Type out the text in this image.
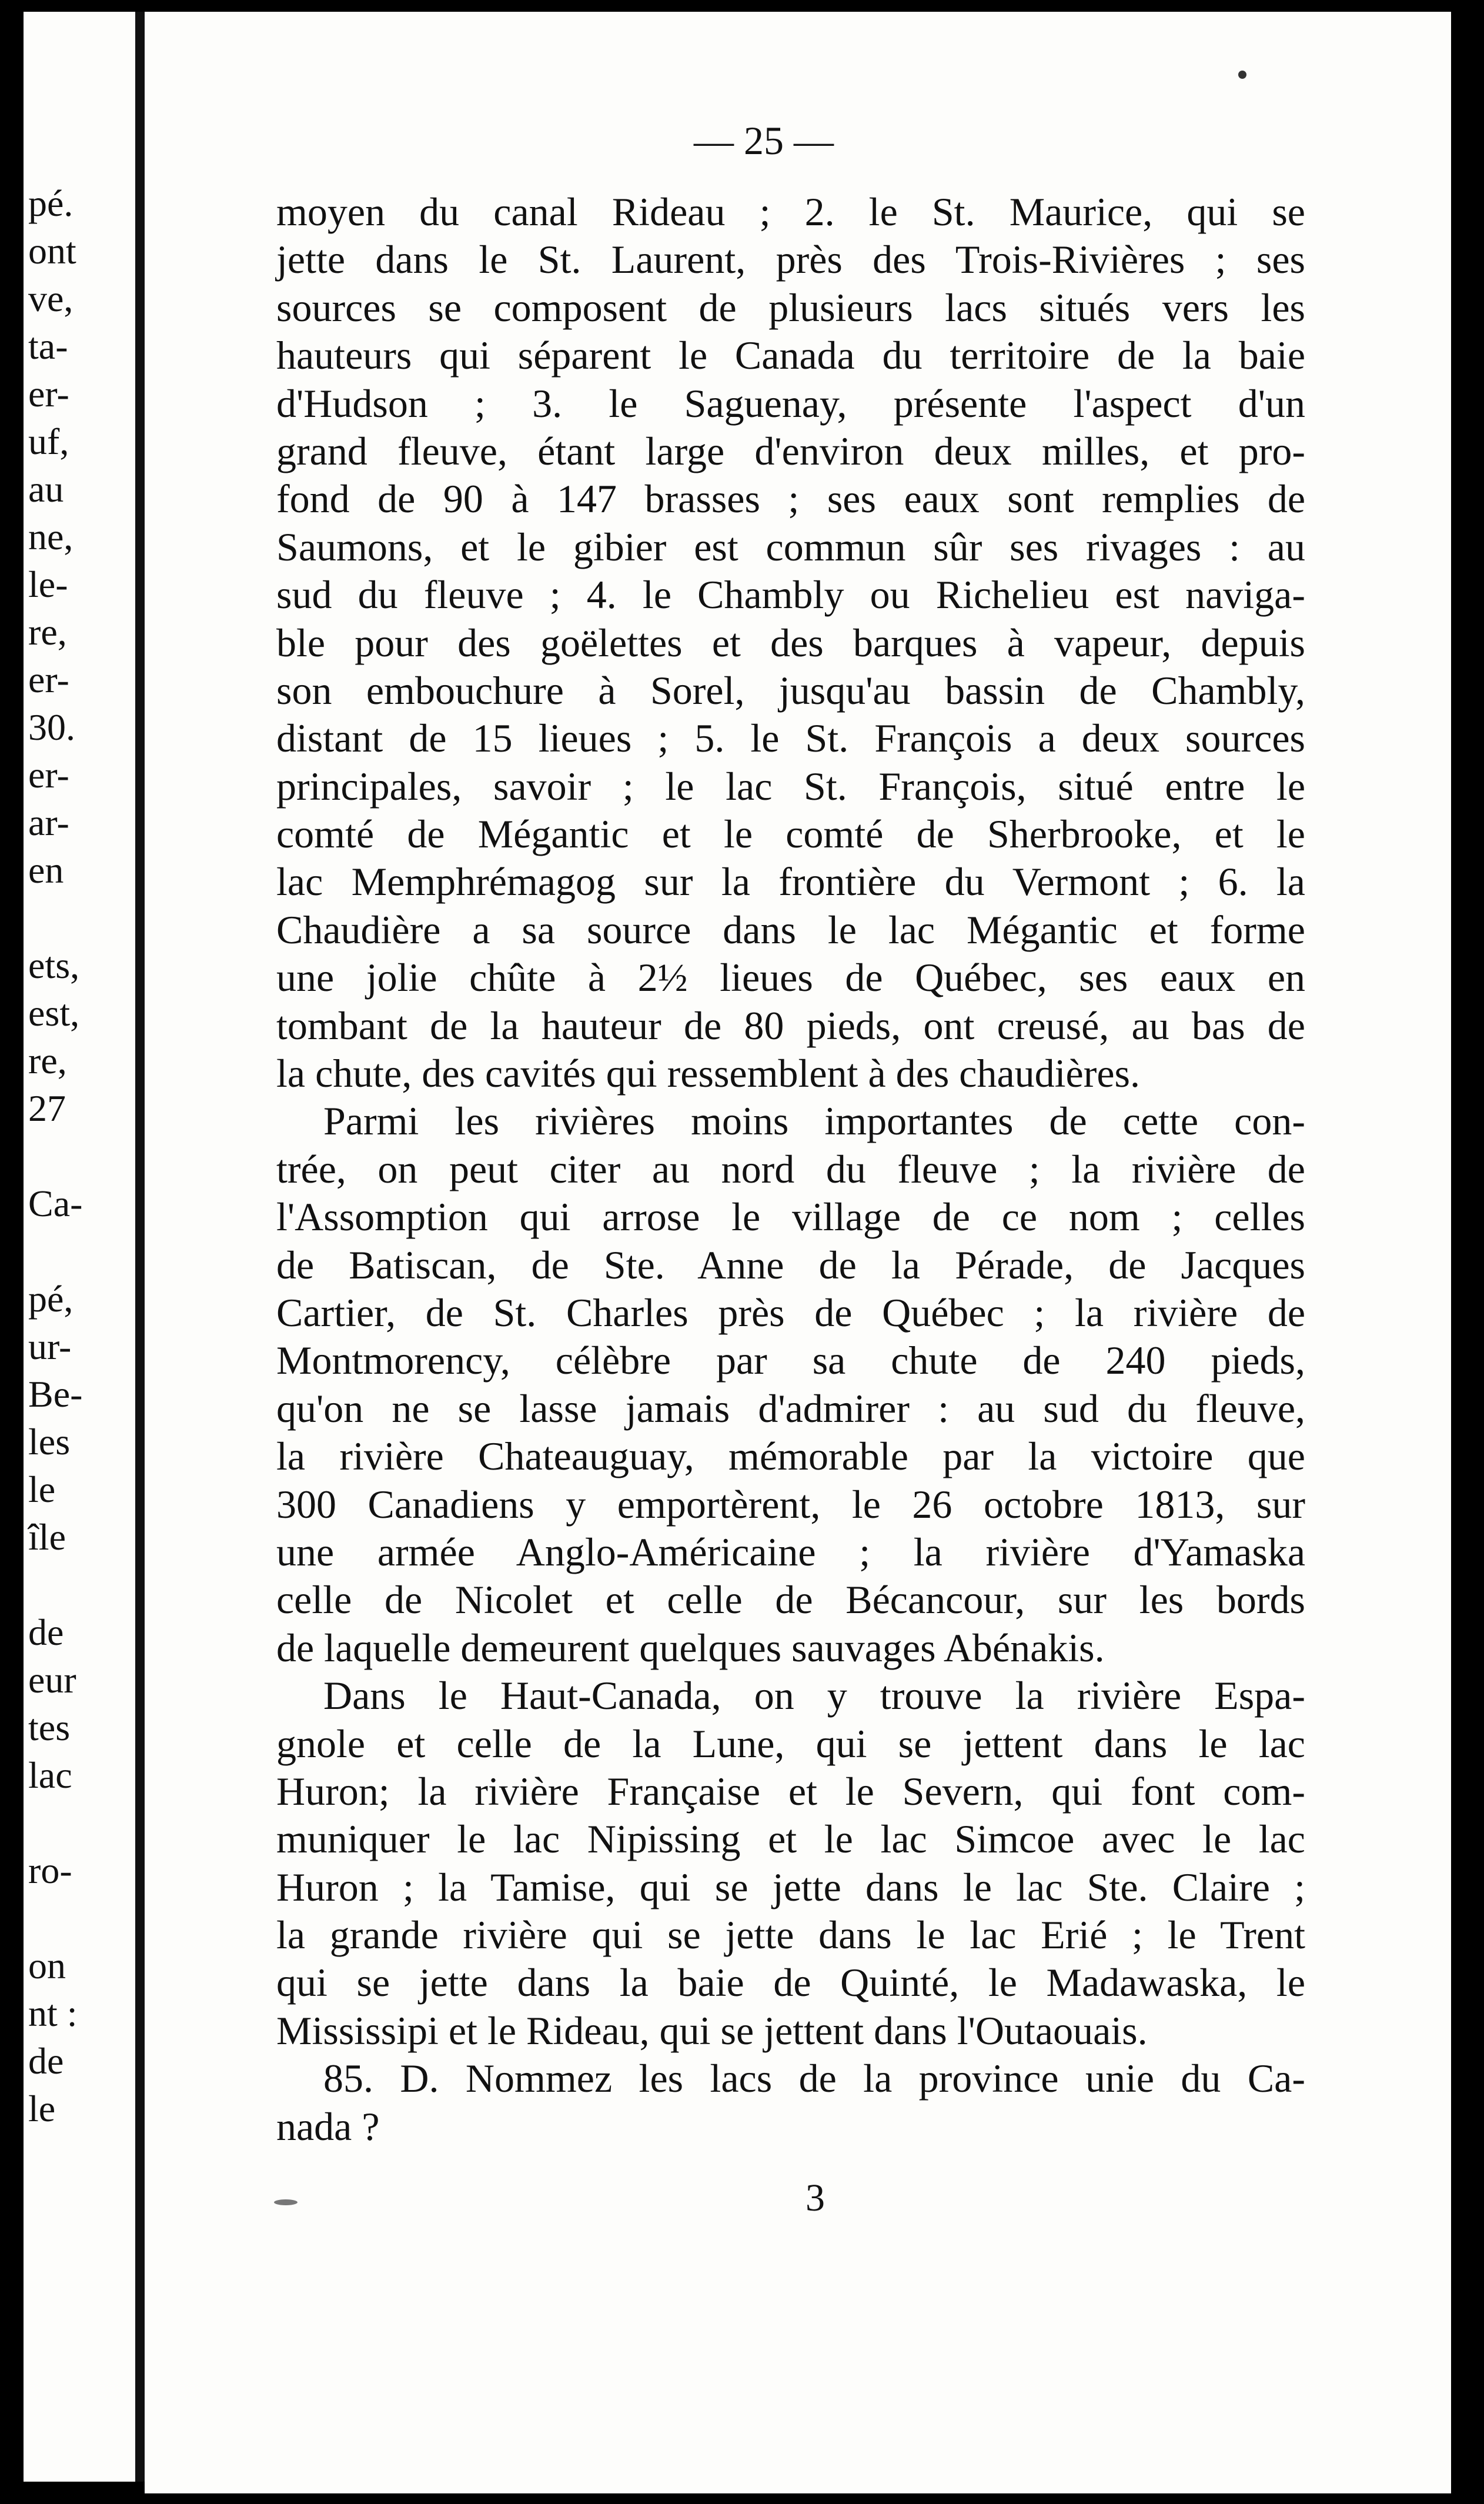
pé.
ont
ve,
ta-
er-
uf,
au
ne,
le-
re,
er-
30.
er-
ar-
en
ets,
est,
re,
27
Ca-
pé,
ur-
Be-
les
le
île
de
eur
tes
lac
ro-
on
nt :
de
le
— 25 —
moyen du canal Rideau ; 2. le St. Maurice, qui se
jette dans le St. Laurent, près des Trois-Rivières ; ses
sources se composent de plusieurs lacs situés vers les
hauteurs qui séparent le Canada du territoire de la baie
d'Hudson ; 3. le Saguenay, présente l'aspect d'un
grand fleuve, étant large d'environ deux milles, et pro-
fond de 90 à 147 brasses ; ses eaux sont remplies de
Saumons, et le gibier est commun sûr ses rivages : au
sud du fleuve ; 4. le Chambly ou Richelieu est naviga-
ble pour des goëlettes et des barques à vapeur, depuis
son embouchure à Sorel, jusqu'au bassin de Chambly,
distant de 15 lieues ; 5. le St. François a deux sources
principales, savoir ; le lac St. François, situé entre le
comté de Mégantic et le comté de Sherbrooke, et le
lac Memphrémagog sur la frontière du Vermont ; 6. la
Chaudière a sa source dans le lac Mégantic et forme
une jolie chûte à 2½ lieues de Québec, ses eaux en
tombant de la hauteur de 80 pieds, ont creusé, au bas de
la chute, des cavités qui ressemblent à des chaudières.
Parmi les rivières moins importantes de cette con-
trée, on peut citer au nord du fleuve ; la rivière de
l'Assomption qui arrose le village de ce nom ; celles
de Batiscan, de Ste. Anne de la Pérade, de Jacques
Cartier, de St. Charles près de Québec ; la rivière de
Montmorency, célèbre par sa chute de 240 pieds,
qu'on ne se lasse jamais d'admirer : au sud du fleuve,
la rivière Chateauguay, mémorable par la victoire que
300 Canadiens y emportèrent, le 26 octobre 1813, sur
une armée Anglo-Américaine ; la rivière d'Yamaska
celle de Nicolet et celle de Bécancour, sur les bords
de laquelle demeurent quelques sauvages Abénakis.
Dans le Haut-Canada, on y trouve la rivière Espa-
gnole et celle de la Lune, qui se jettent dans le lac
Huron; la rivière Française et le Severn, qui font com-
muniquer le lac Nipissing et le lac Simcoe avec le lac
Huron ; la Tamise, qui se jette dans le lac Ste. Claire ;
la grande rivière qui se jette dans le lac Erié ; le Trent
qui se jette dans la baie de Quinté, le Madawaska, le
Mississipi et le Rideau, qui se jettent dans l'Outaouais.
85. D. Nommez les lacs de la province unie du Ca-
nada ?
3
